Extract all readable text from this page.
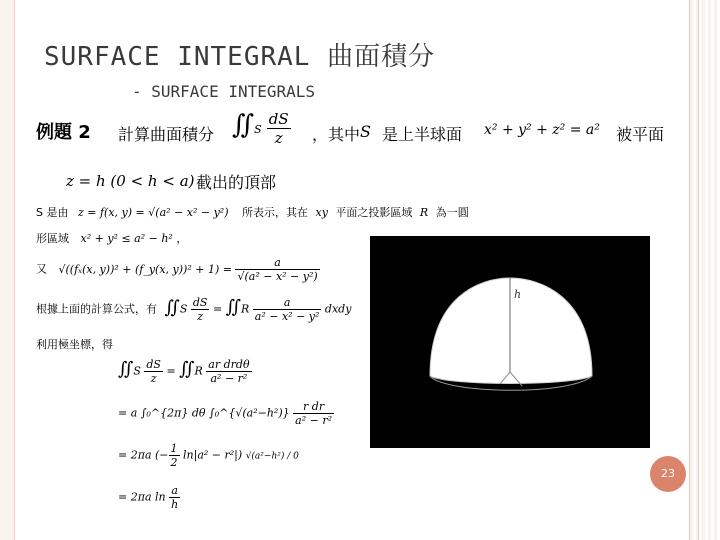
SURFACE INTEGRAL 曲面積分
- SURFACE INTEGRALS
例題 2 計算曲面積分 ∬S $\frac{dS}{z}$ ，其中 S 是上半球面 x² + y² + z² = a² 被平面
z = h (0 < h < a) 截出的頂部
S 是由 z = f(x, y) = √(a² − x² − y²) 所表示，其在 xy 平面之投影區域 R 為一圓
形區域 x² + y² ≤ a² − h² ，
又 √((fₓ(x, y))² + (f_y(x, $y))^2 + 1) = \frac{a}{\text{√(a² − x² − y²)}}$
根據上面的計算公式，有 ∬S $\frac{dS}{z}$ = ∬R $\frac{a}{\text{a² − x² − y²}}$ dxdy
利用極坐標，得
∬S $\frac{dS}{z}$ = ∬R $\frac{\text{ar drdθ}}{\text{a² − r²}}$
= a ∫₀^{2π} dθ ∫₀^{√(a²−h²)} $\frac{\text{r dr}}{\text{a² − r²}}$
= 2πa (− $\frac{1}{2} \ln|a^2 - r^2|$) √(a²−h²) / 0
= 2πa $\ln \frac{a}{h}$
h
23
